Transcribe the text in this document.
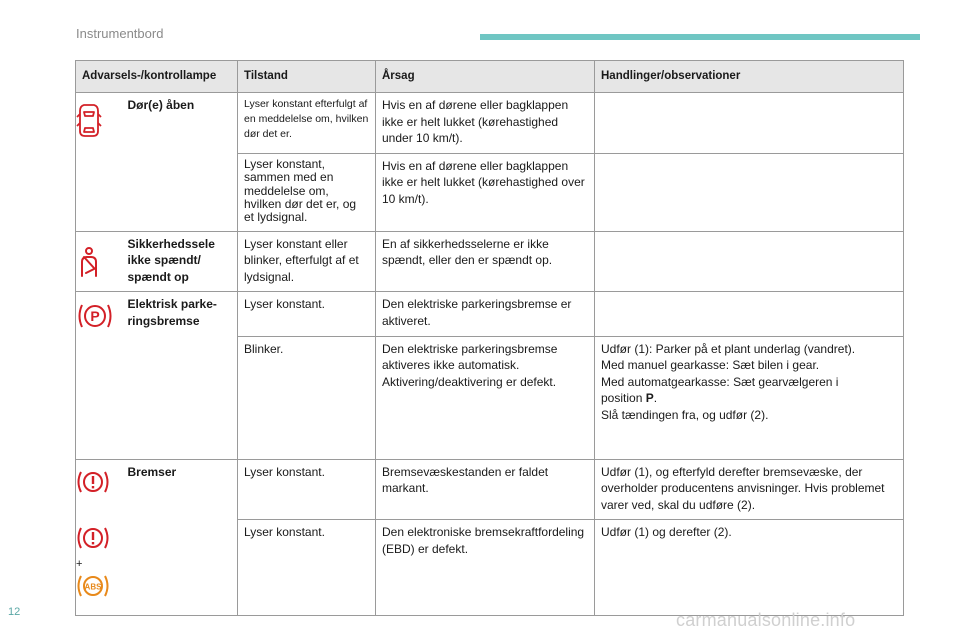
Instrumentbord
Advarsels-/kontrollampe		Tilstand	Årsag	Handlinger/observationer
	Dør(e) åben	Lyser konstant efterfulgt af en meddelelse om, hvilken dør det er.	Hvis en af dørene eller bagklappen ikke er helt lukket (kørehastighed under 10 km/t).	
		Lyser konstant, sammen med en meddelelse om, hvilken dør det er, og et lydsignal.	Hvis en af dørene eller bagklappen ikke er helt lukket (kørehastighed over 10 km/t).	
	Sikkerhedssele ikke spændt/ spændt op	Lyser konstant eller blinker, efterfulgt af et lydsignal.	En af sikkerhedsselerne er ikke spændt, eller den er spændt op.	

P	Elektrisk parke-ringsbremse	Lyser konstant.	Den elektriske parkeringsbremse er aktiveret.	
		Blinker.	Den elektriske parkeringsbremse aktiveres ikke automatisk. Aktivering/deaktivering er defekt.	Udfør (1): Parker på et plant underlag (vandret).
Med manuel gearkasse: Sæt bilen i gear.
Med automatgearkasse: Sæt gearvælgeren i
position P.
Slå tændingen fra, og udfør (2).

	Bremser	Lyser konstant.	Bremsevæskestanden er faldet markant.	Udfør (1), og efterfyld derefter bremsevæske, der overholder producentens anvisninger. Hvis problemet varer ved, skal du udføre (2).

+
ABS		Lyser konstant.	Den elektroniske bremsekraftfordeling (EBD) er defekt.	Udfør (1) og derefter (2).
12	carmanualsonline.info
